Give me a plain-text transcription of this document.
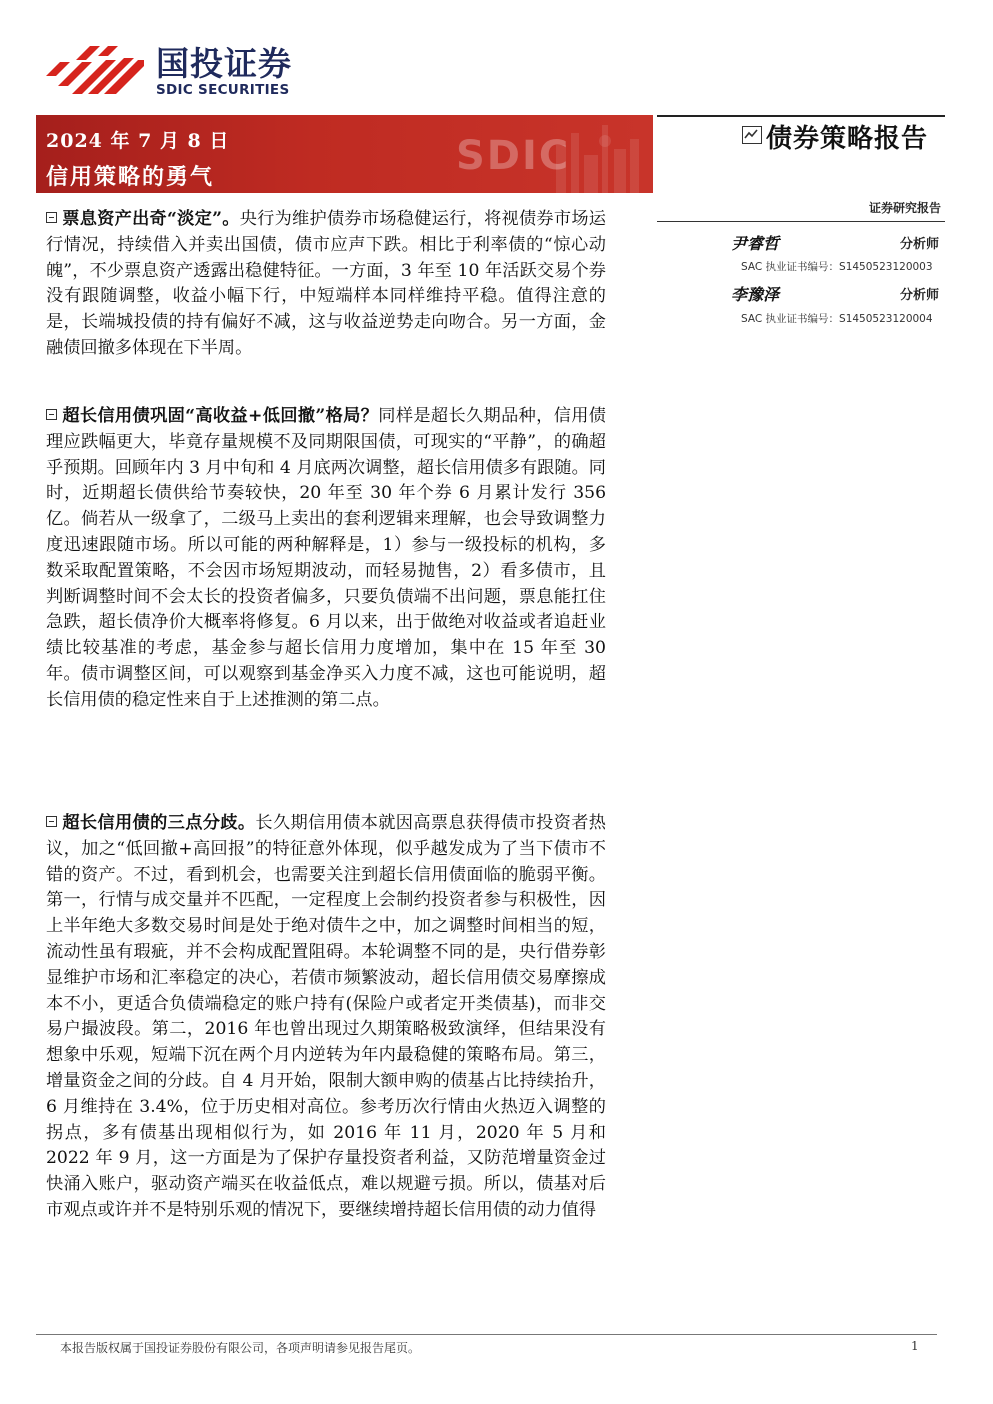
国投证券
SDIC SECURITIES
2024 年 7 月 8 日
信用策略的勇气	SDIC	债券策略报告
证券研究报告
尹睿哲	分析师
SAC 执业证书编号：S1450523120003
李豫泽	分析师
SAC 执业证书编号：S1450523120004
票息资产出奇“淡定”。央行为维护债券市场稳健运行，将视债券市场运行情况，持续借入并卖出国债，债市应声下跌。相比于利率债的“惊心动魄”，不少票息资产透露出稳健特征。一方面，3 年至 10 年活跃交易个券没有跟随调整，收益小幅下行，中短端样本同样维持平稳。值得注意的是，长端城投债的持有偏好不减，这与收益逆势走向吻合。另一方面，金融债回撤多体现在下半周。
超长信用债巩固“高收益+低回撤”格局？同样是超长久期品种，信用债理应跌幅更大，毕竟存量规模不及同期限国债，可现实的“平静”，的确超乎预期。回顾年内 3 月中旬和 4 月底两次调整，超长信用债多有跟随。同时，近期超长债供给节奏较快，20 年至 30 年个券 6 月累计发行 356 亿。倘若从一级拿了，二级马上卖出的套利逻辑来理解，也会导致调整力度迅速跟随市场。所以可能的两种解释是，1）参与一级投标的机构，多数采取配置策略，不会因市场短期波动，而轻易抛售，2）看多债市，且判断调整时间不会太长的投资者偏多，只要负债端不出问题，票息能扛住急跌，超长债净价大概率将修复。6 月以来，出于做绝对收益或者追赶业绩比较基准的考虑，基金参与超长信用力度增加，集中在 15 年至 30 年。债市调整区间，可以观察到基金净买入力度不减，这也可能说明，超长信用债的稳定性来自于上述推测的第二点。
超长信用债的三点分歧。长久期信用债本就因高票息获得债市投资者热议，加之“低回撤+高回报”的特征意外体现，似乎越发成为了当下债市不错的资产。不过，看到机会，也需要关注到超长信用债面临的脆弱平衡。第一，行情与成交量并不匹配，一定程度上会制约投资者参与积极性，因上半年绝大多数交易时间是处于绝对债牛之中，加之调整时间相当的短，流动性虽有瑕疵，并不会构成配置阻碍。本轮调整不同的是，央行借券彰显维护市场和汇率稳定的决心，若债市频繁波动，超长信用债交易摩擦成本不小，更适合负债端稳定的账户持有(保险户或者定开类债基)，而非交易户撮波段。第二，2016 年也曾出现过久期策略极致演绎，但结果没有想象中乐观，短端下沉在两个月内逆转为年内最稳健的策略布局。第三，增量资金之间的分歧。自 4 月开始，限制大额申购的债基占比持续抬升，6 月维持在 3.4%，位于历史相对高位。参考历次行情由火热迈入调整的拐点，多有债基出现相似行为，如 2016 年 11 月，2020 年 5 月和 2022 年 9 月，这一方面是为了保护存量投资者利益，又防范增量资金过快涌入账户，驱动资产端买在收益低点，难以规避亏损。所以，债基对后市观点或许并不是特别乐观的情况下，要继续增持超长信用债的动力值得
本报告版权属于国投证券股份有限公司，各项声明请参见报告尾页。	1
